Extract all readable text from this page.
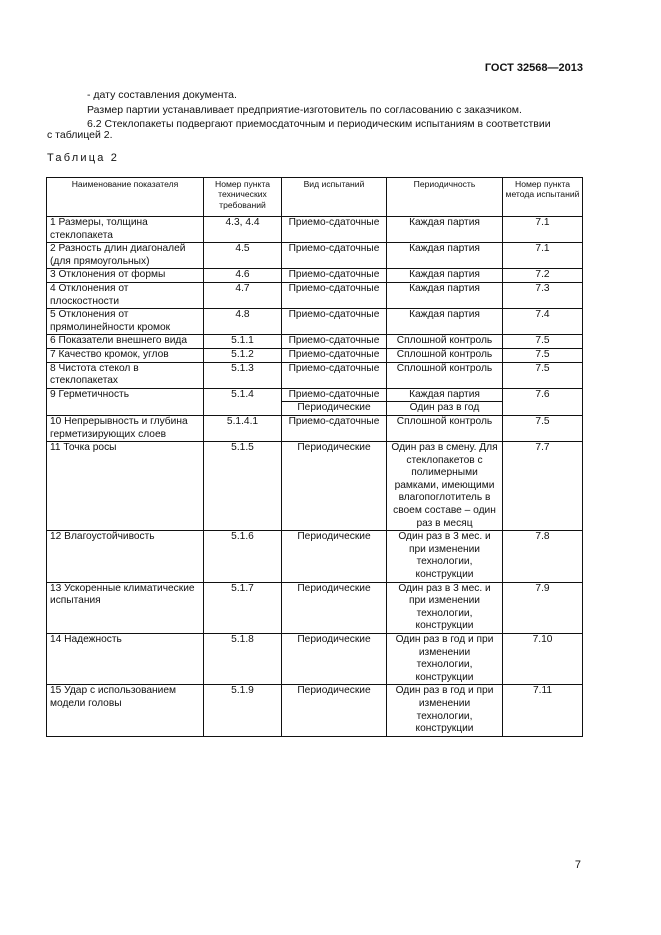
ГОСТ 32568—2013
- дату составления документа.
Размер партии устанавливает предприятие-изготовитель по согласованию с заказчиком.
6.2 Стеклопакеты подвергают приемосдаточным и периодическим испытаниям в соответствии
с таблицей 2.
Таблица 2
Наименование показателя	Номер пункта технических требований	Вид испытаний	Периодичность	Номер пункта метода испытаний
1 Размеры, толщина стеклопакета	4.3, 4.4	Приемо-сдаточные	Каждая партия	7.1
2 Разность длин диагоналей (для прямоугольных)	4.5	Приемо-сдаточные	Каждая партия	7.1
3 Отклонения от формы	4.6	Приемо-сдаточные	Каждая партия	7.2
4 Отклонения от плоскостности	4.7	Приемо-сдаточные	Каждая партия	7.3
5 Отклонения от прямолинейности кромок	4.8	Приемо-сдаточные	Каждая партия	7.4
6 Показатели внешнего вида	5.1.1	Приемо-сдаточные	Сплошной контроль	7.5
7 Качество кромок, углов	5.1.2	Приемо-сдаточные	Сплошной контроль	7.5
8 Чистота стекол в стеклопакетах	5.1.3	Приемо-сдаточные	Сплошной контроль	7.5
9 Герметичность	5.1.4	Приемо-сдаточные	Каждая партия	7.6
		Периодические	Один раз в год	
10 Непрерывность и глубина герметизирующих слоев	5.1.4.1	Приемо-сдаточные	Сплошной контроль	7.5
11 Точка росы	5.1.5	Периодические	Один раз в смену. Для стеклопакетов с полимерными рамками, имеющими влагопоглотитель в своем составе – один раз в месяц	7.7
12 Влагоустойчивость	5.1.6	Периодические	Один раз в 3 мес. и при изменении технологии, конструкции	7.8
13 Ускоренные климатические испытания	5.1.7	Периодические	Один раз в 3 мес. и при изменении технологии, конструкции	7.9
14 Надежность	5.1.8	Периодические	Один раз в год и при изменении технологии, конструкции	7.10
15 Удар с использованием модели головы	5.1.9	Периодические	Один раз в год и при изменении технологии, конструкции	7.11
7
